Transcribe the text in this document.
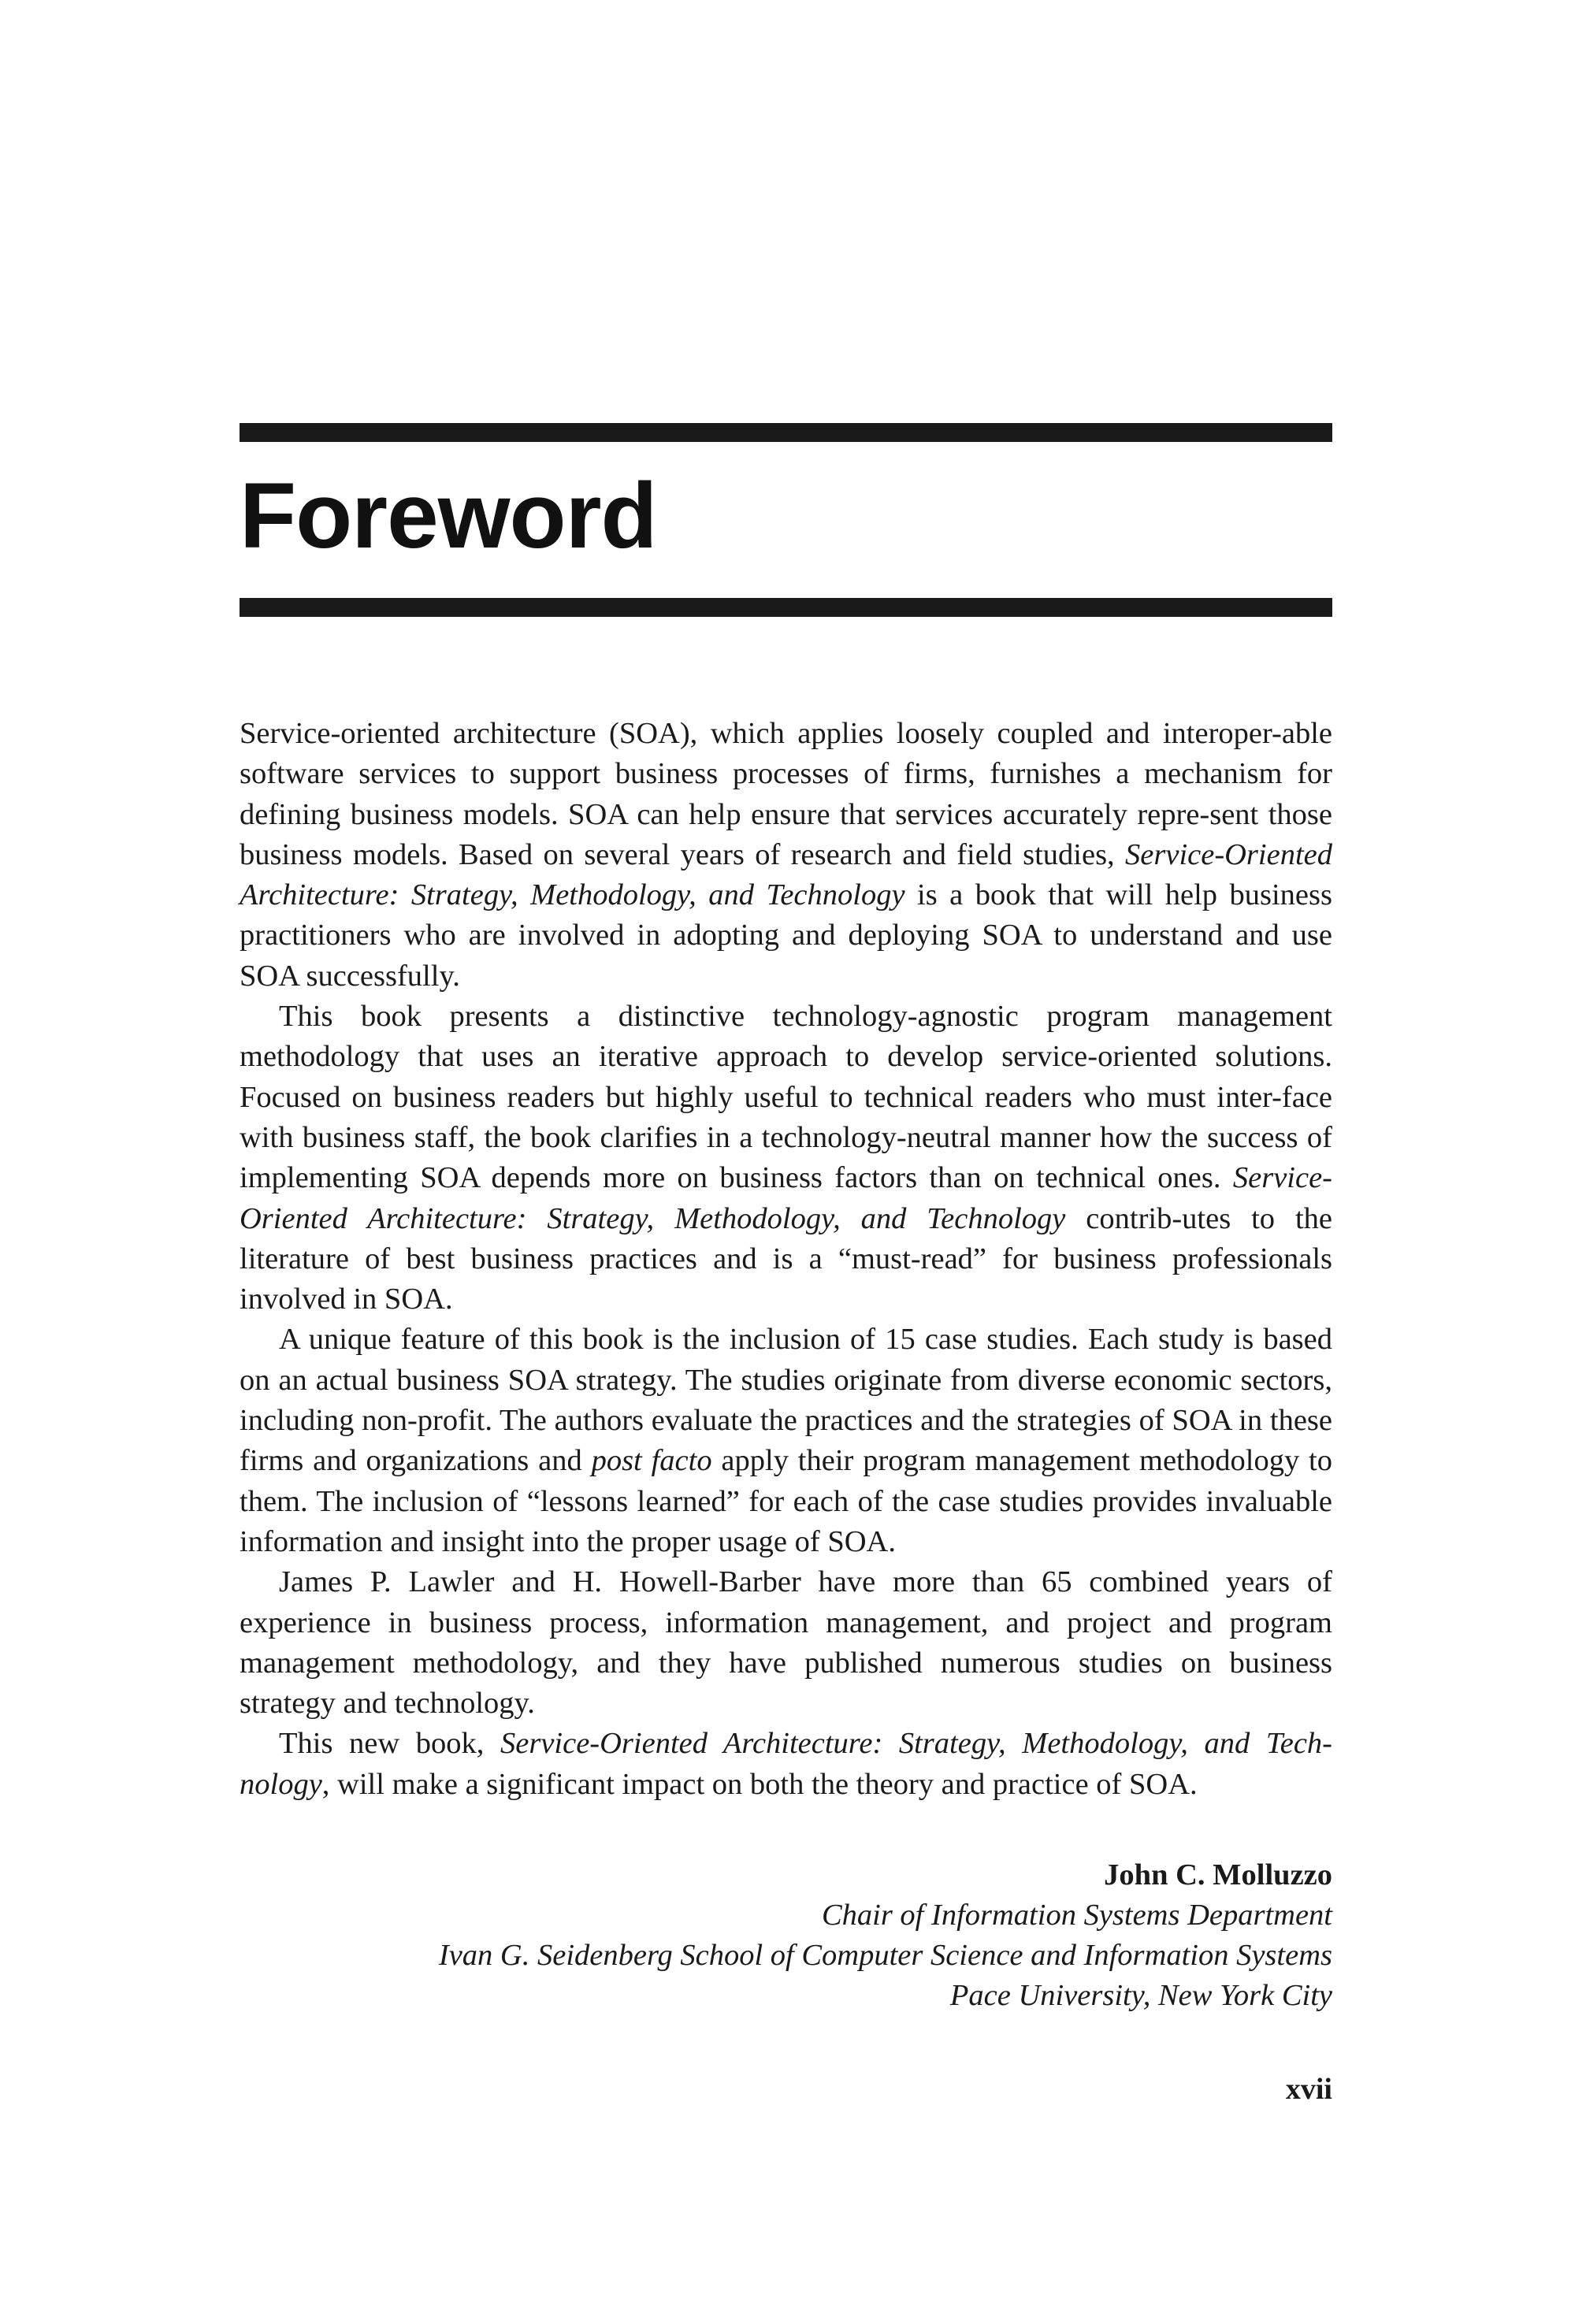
Foreword

Service-oriented architecture (SOA), which applies loosely coupled and interoper-able software services to support business processes of firms, furnishes a mechanism for defining business models. SOA can help ensure that services accurately repre-sent those business models. Based on several years of research and field studies, Service-Oriented Architecture: Strategy, Methodology, and Technology is a book that will help business practitioners who are involved in adopting and deploying SOA to understand and use SOA successfully.

This book presents a distinctive technology-agnostic program management methodology that uses an iterative approach to develop service-oriented solutions. Focused on business readers but highly useful to technical readers who must inter-face with business staff, the book clarifies in a technology-neutral manner how the success of implementing SOA depends more on business factors than on technical ones. Service-Oriented Architecture: Strategy, Methodology, and Technology contrib-utes to the literature of best business practices and is a “must-read” for business professionals involved in SOA.

A unique feature of this book is the inclusion of 15 case studies. Each study is based on an actual business SOA strategy. The studies originate from diverse economic sectors, including non-profit. The authors evaluate the practices and the strategies of SOA in these firms and organizations and post facto apply their program management methodology to them. The inclusion of “lessons learned” for each of the case studies provides invaluable information and insight into the proper usage of SOA.

James P. Lawler and H. Howell-Barber have more than 65 combined years of experience in business process, information management, and project and program management methodology, and they have published numerous studies on business strategy and technology.

This new book, Service-Oriented Architecture: Strategy, Methodology, and Tech-nology, will make a significant impact on both the theory and practice of SOA.

John C. Molluzzo
Chair of Information Systems Department
Ivan G. Seidenberg School of Computer Science and Information Systems
Pace University, New York City
xvii
